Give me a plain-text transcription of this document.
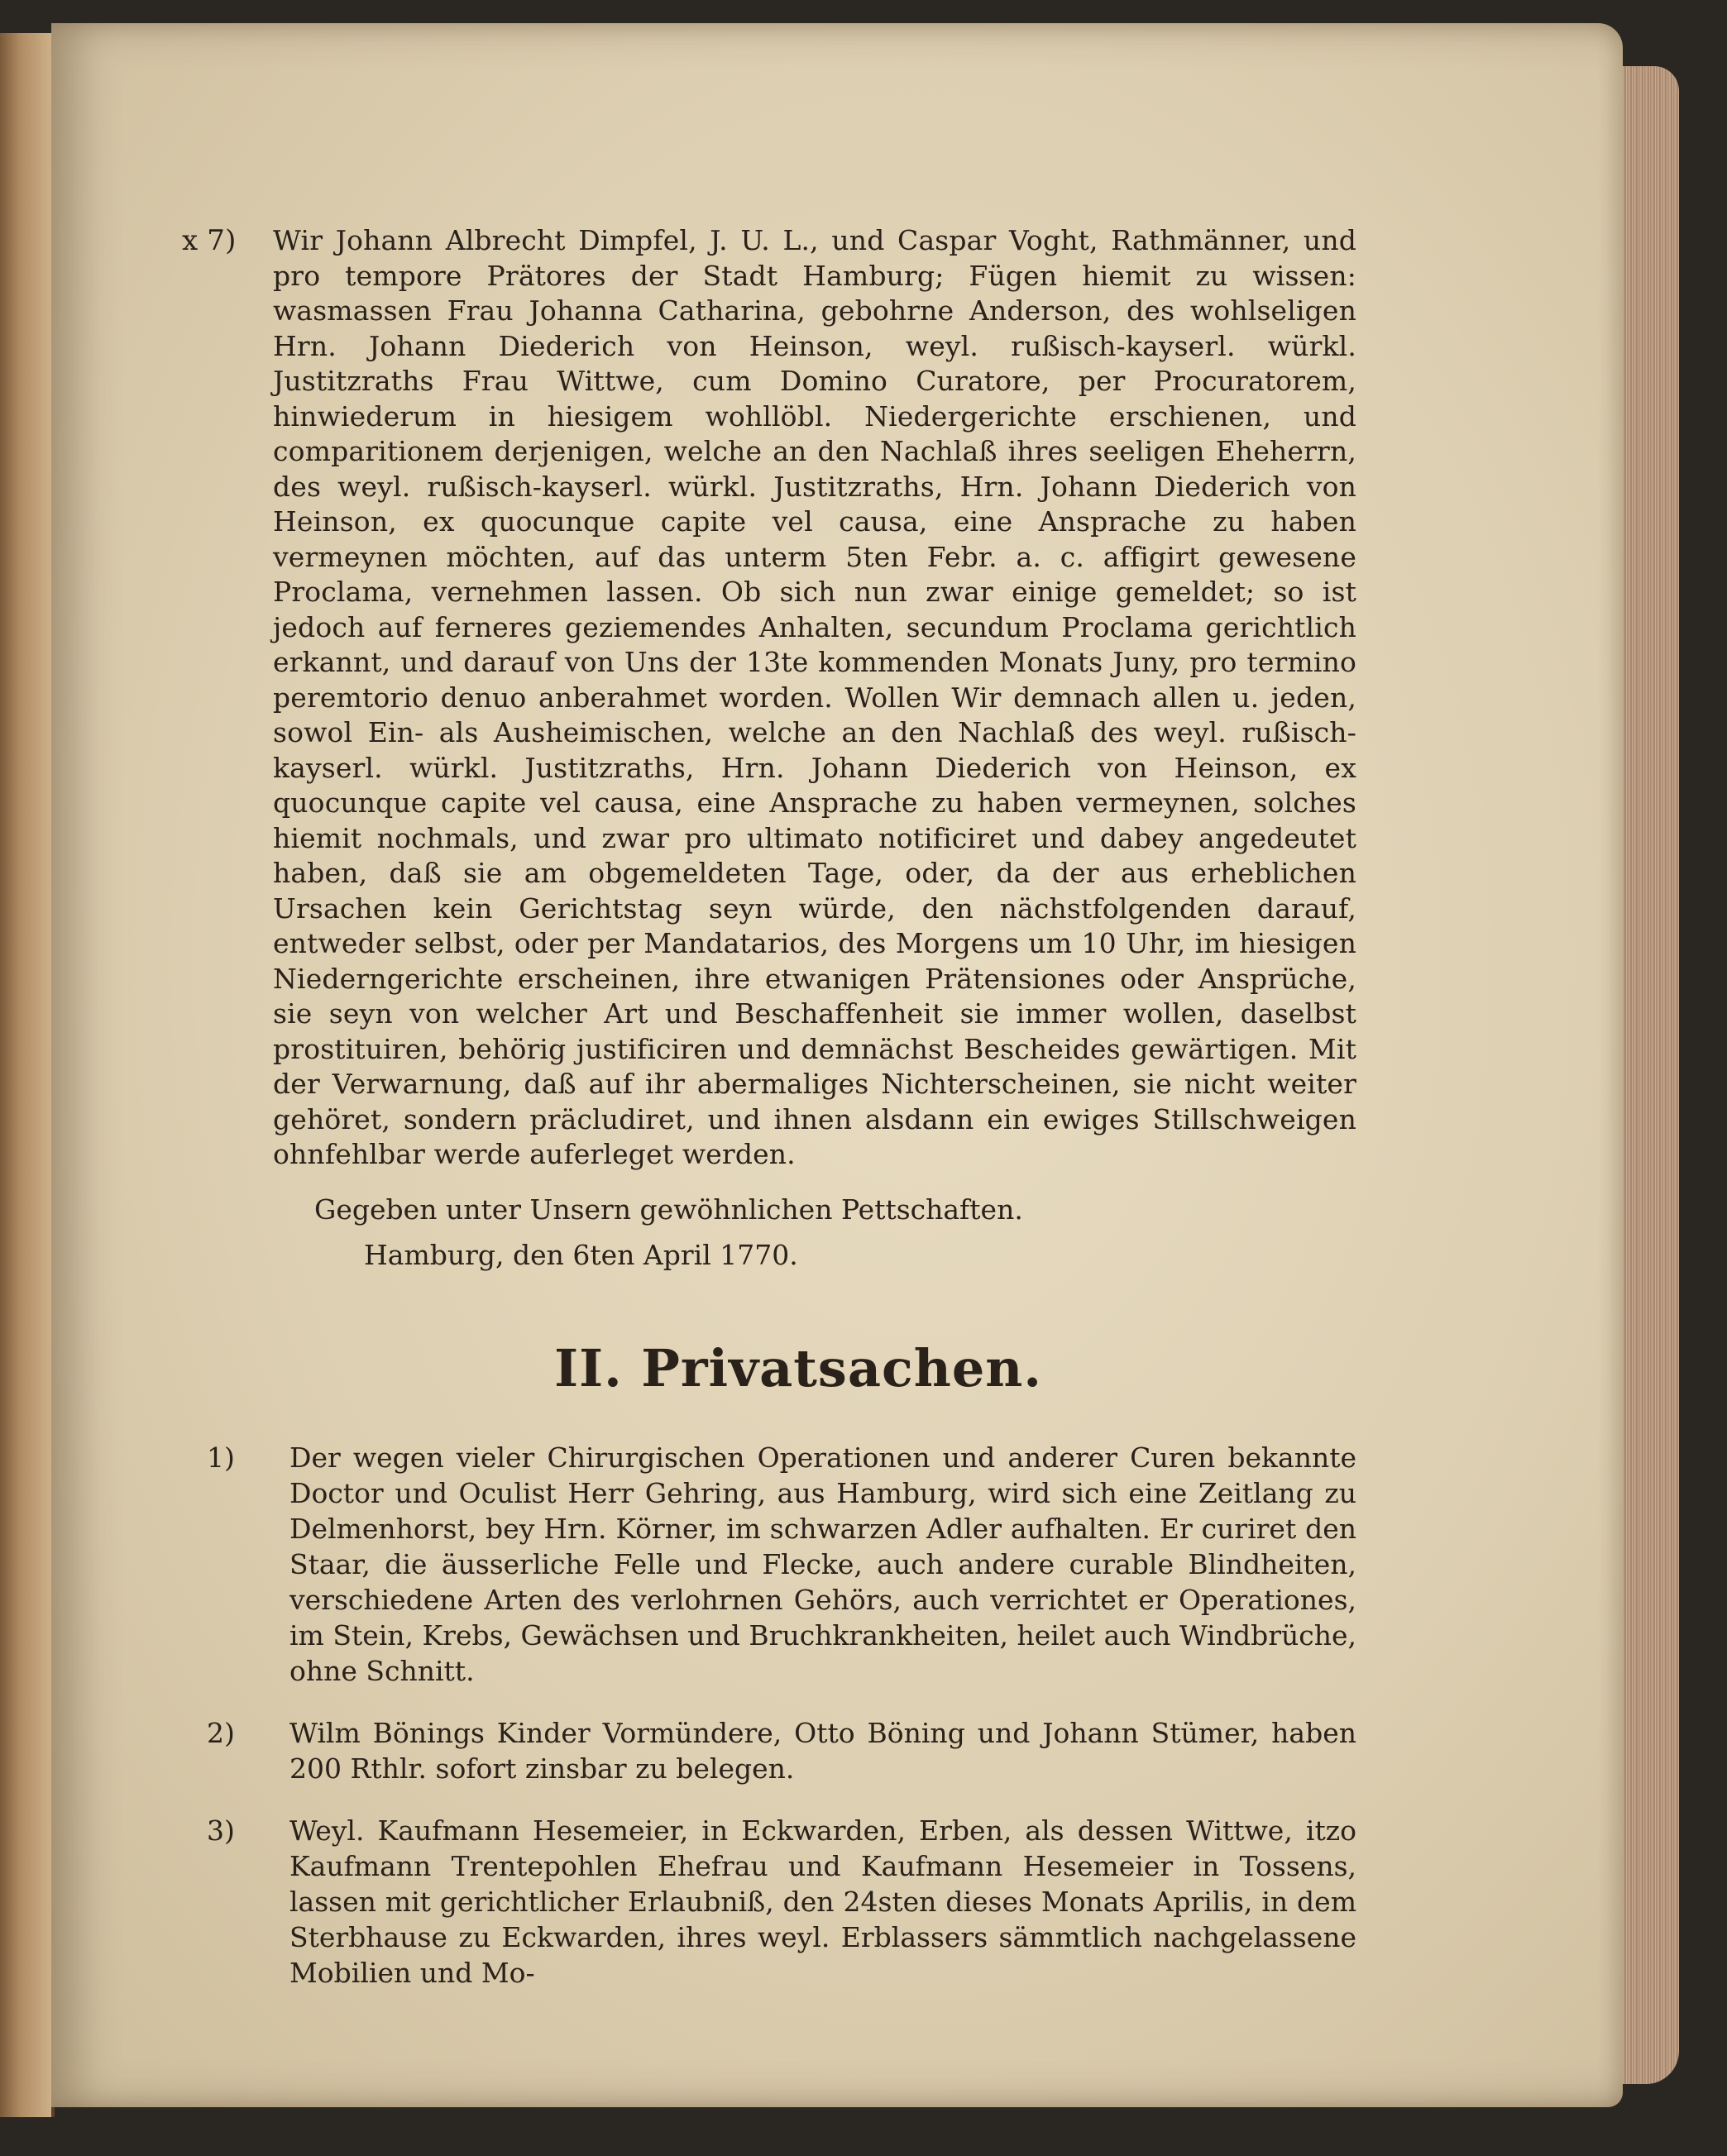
x 7) Wir Johann Albrecht Dimpfel, J. U. L., und Caspar Voght, Rathmänner, und pro tempore Prätores der Stadt Hamburg; Fügen hiemit zu wissen: wasmassen Frau Johanna Catharina, gebohrne Anderson, des wohlseligen Hrn. Johann Diederich von Heinson, weyl. rußisch-kayserl. würkl. Justitzraths Frau Wittwe, cum Domino Curatore, per Procuratorem, hinwiederum in hiesigem wohllöbl. Niedergerichte erschienen, und comparitionem derjenigen, welche an den Nachlaß ihres seeligen Eheherrn, des weyl. rußisch-kayserl. würkl. Justitzraths, Hrn. Johann Diederich von Heinson, ex quocunque capite vel causa, eine Ansprache zu haben vermeynen möchten, auf das unterm 5ten Febr. a. c. affigirt gewesene Proclama, vernehmen lassen. Ob sich nun zwar einige gemeldet; so ist jedoch auf ferneres geziemendes Anhalten, secundum Proclama gerichtlich erkannt, und darauf von Uns der 13te kommenden Monats Juny, pro termino peremtorio denuo anberahmet worden. Wollen Wir demnach allen u. jeden, sowol Ein- als Ausheimischen, welche an den Nachlaß des weyl. rußisch-kayserl. würkl. Justitzraths, Hrn. Johann Diederich von Heinson, ex quocunque capite vel causa, eine Ansprache zu haben vermeynen, solches hiemit nochmals, und zwar pro ultimato notificiret und dabey angedeutet haben, daß sie am obgemeldeten Tage, oder, da der aus erheblichen Ursachen kein Gerichtstag seyn würde, den nächstfolgenden darauf, entweder selbst, oder per Mandatarios, des Morgens um 10 Uhr, im hiesigen Niederngerichte erscheinen, ihre etwanigen Prätensiones oder Ansprüche, sie seyn von welcher Art und Beschaffenheit sie immer wollen, daselbst prostituiren, behörig justificiren und demnächst Bescheides gewärtigen. Mit der Verwarnung, daß auf ihr abermaliges Nichterscheinen, sie nicht weiter gehöret, sondern präcludiret, und ihnen alsdann ein ewiges Stillschweigen ohnfehlbar werde auferleget werden.

Gegeben unter Unsern gewöhnlichen Pettschaften.
Hamburg, den 6ten April 1770.
II. Privatsachen.
1)	Der wegen vieler Chirurgischen Operationen und anderer Curen bekannte Doctor und Oculist Herr Gehring, aus Hamburg, wird sich eine Zeitlang zu Delmenhorst, bey Hrn. Körner, im schwarzen Adler aufhalten. Er curiret den Staar, die äusserliche Felle und Flecke, auch andere curable Blindheiten, verschiedene Arten des verlohrnen Gehörs, auch verrichtet er Operationes, im Stein, Krebs, Gewächsen und Bruchkrankheiten, heilet auch Windbrüche, ohne Schnitt.
2)	Wilm Bönings Kinder Vormündere, Otto Böning und Johann Stümer, haben 200 Rthlr. sofort zinsbar zu belegen.
3)	Weyl. Kaufmann Hesemeier, in Eckwarden, Erben, als dessen Wittwe, itzo Kaufmann Trentepohlen Ehefrau und Kaufmann Hesemeier in Tossens, lassen mit gerichtlicher Erlaubniß, den 24sten dieses Monats Aprilis, in dem Sterbhause zu Eckwarden, ihres weyl. Erblassers sämmtlich nachgelassene Mobilien und Mo-
